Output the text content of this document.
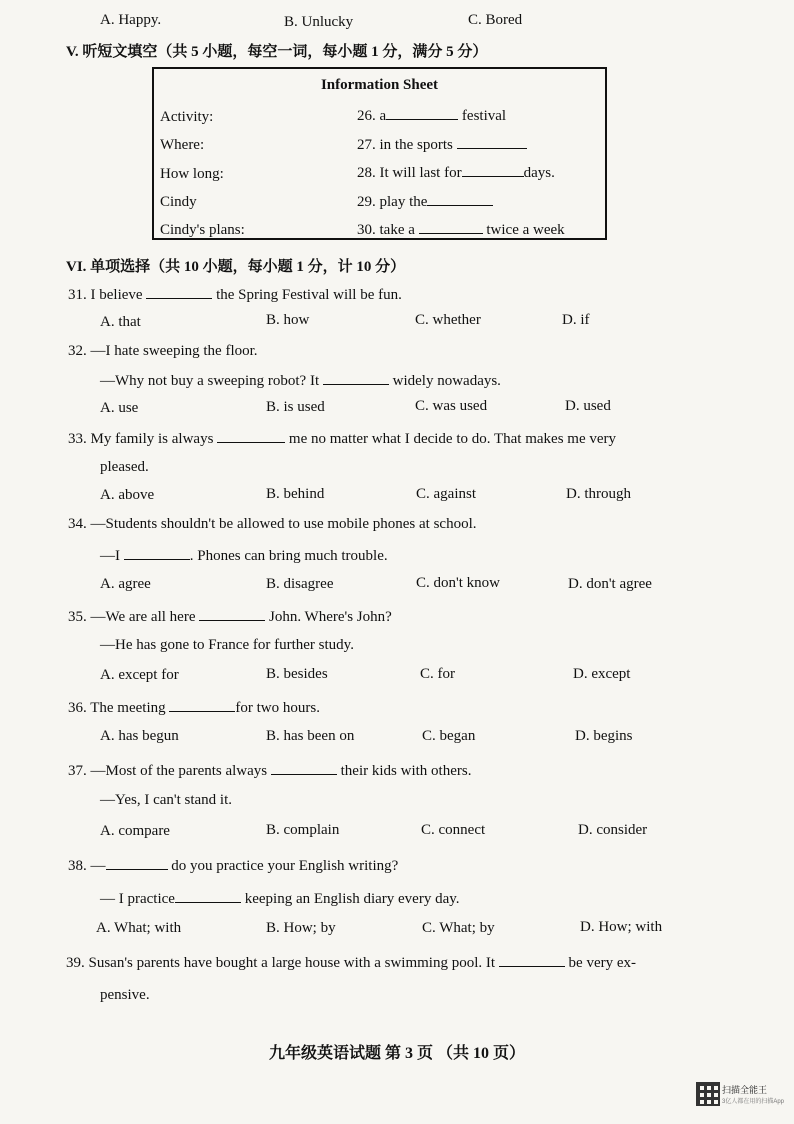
A. Happy.	B. Unlucky	C. Bored
V. 听短文填空（共 5 小题，每空一词，每小题 1 分，满分 5 分）
Information Sheet
Activity:	26. a	festival
Where:	27. in the sports
How long:	28. It will last for	days.
Cindy	29. play the
Cindy's plans:	30. take a	twice a week
VI. 单项选择（共 10 小题，每小题 1 分，计 10 分）
31. I believe	the Spring Festival will be fun.
A. that	B. how	C. whether	D. if
32. —I hate sweeping the floor.
—Why not buy a sweeping robot? It	widely nowadays.
A. use	B. is used	C. was used	D. used
33. My family is always	me no matter what I decide to do. That makes me very
pleased.
A. above	B. behind	C. against	D. through
34. —Students shouldn't be allowed to use mobile phones at school.
—I	. Phones can bring much trouble.
A. agree	B. disagree	C. don't know	D. don't agree
35. —We are all here	John. Where's John?
—He has gone to France for further study.
A. except for	B. besides	C. for	D. except
36. The meeting	for two hours.
A. has begun	B. has been on	C. began	D. begins
37. —Most of the parents always	their kids with others.
—Yes, I can't stand it.
A. compare	B. complain	C. connect	D. consider
38. —	do you practice your English writing?
— I practice	keeping an English diary every day.
A. What; with	B. How; by	C. What; by	D. How; with
39. Susan's parents have bought a large house with a swimming pool. It	be very ex-
pensive.
九年级英语试题 第 3 页 （共 10 页）
扫描全能王
3亿人都在用的扫描App
